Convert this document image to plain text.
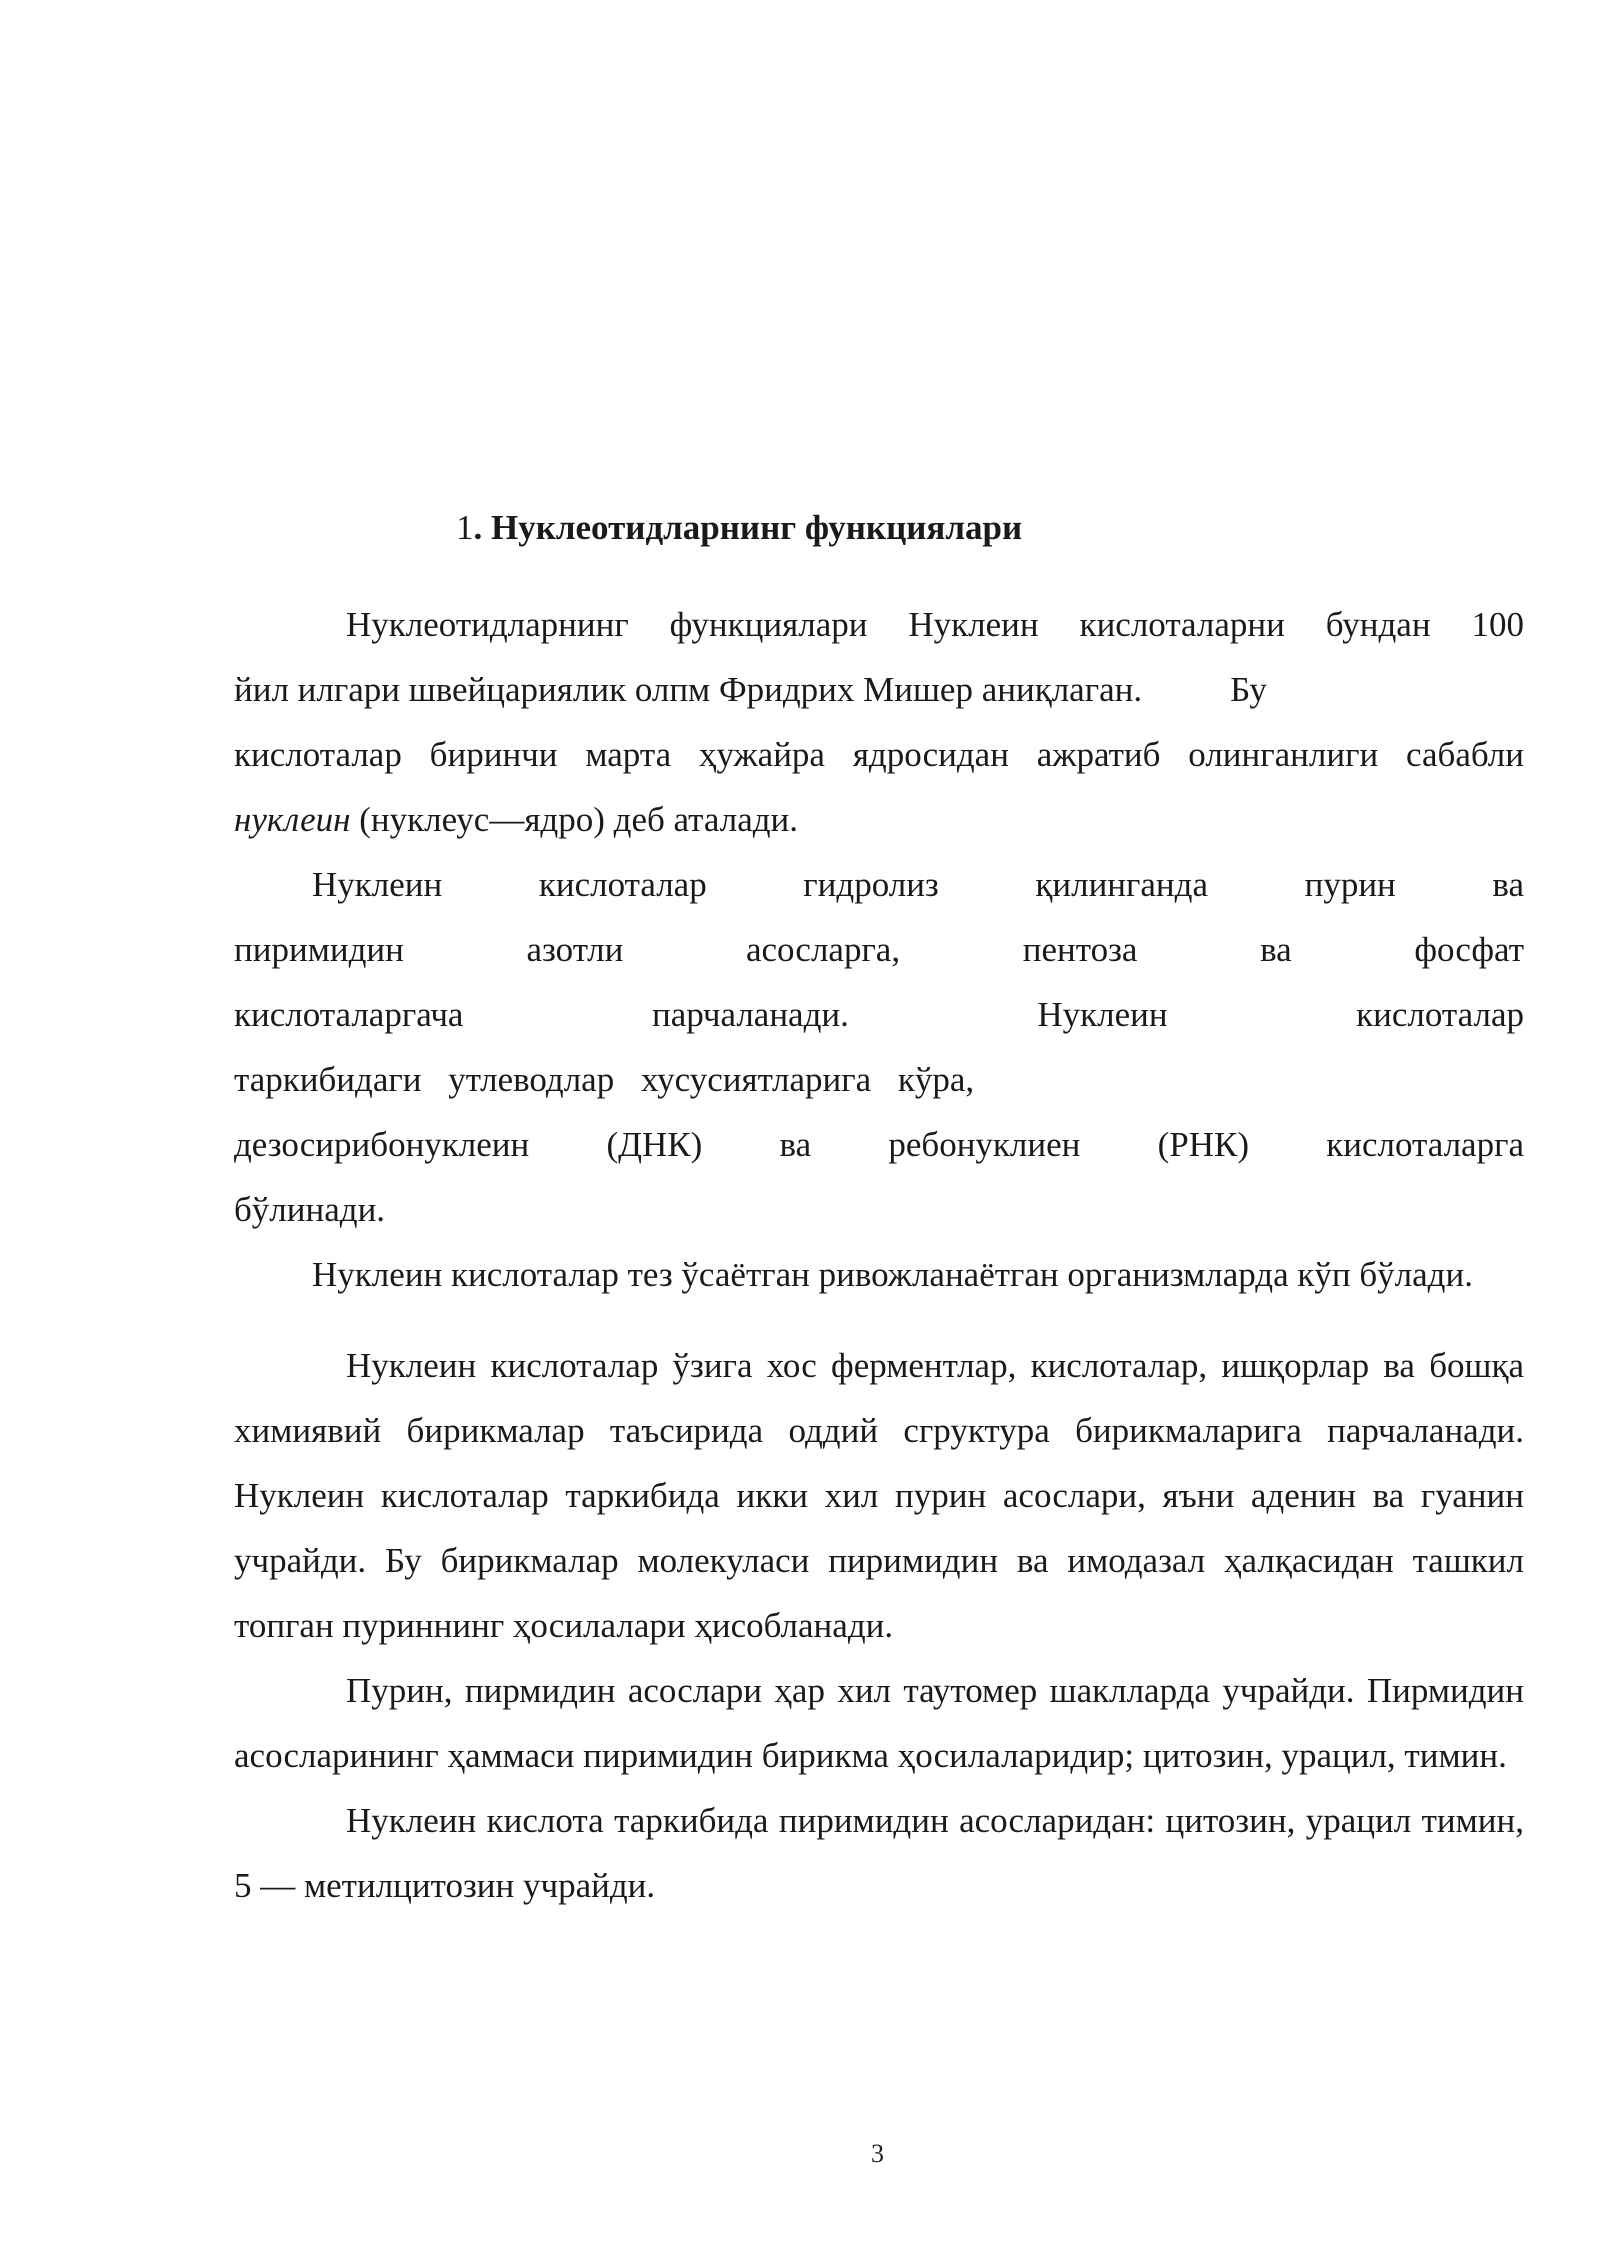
1. Нуклеотидларнинг функциялари
Нуклеотидларнинг функциялари Нуклеин кислоталарни бундан 100
йил илгари швейцариялик олпм Фридрих Мишер аниқлаган.	Бу
кислоталар биринчи марта ҳужайра ядросидан ажратиб олинганлиги сабабли
нуклеин (нуклеус—ядро) деб аталади.
Нуклеин кислоталар гидролиз қилинганда пурин ва
пиримидин азотли асосларга, пентоза ва фосфат
кислоталаргача парчаланади. Нуклеин кислоталар
таркибидаги утлеводлар хусусиятларига кўра,
дезосирибонуклеин (ДНК) ва ребонуклиен (РНК) кислоталарга
бўлинади.

Нуклеин кислоталар тез ўсаётган ривожланаётган организмларда кўп бўлади.

Нуклеин кислоталар ўзига хос ферментлар, кислоталар, ишқорлар ва бошқа химиявий бирикмалар таъсирида оддий сгруктура бирикмаларига парчаланади. Нуклеин кислоталар таркибида икки хил пурин асослари, яъни аденин ва гуанин учрайди. Бу бирикмалар молекуласи пиримидин ва имодазал ҳалқасидан ташкил топган пуриннинг ҳосилалари ҳисобланади.

Пурин, пирмидин асослари ҳар хил таутомер шаклларда учрайди. Пирмидин асосларининг ҳаммаси пиримидин бирикма ҳосилаларидир; цитозин, урацил, тимин.

Нуклеин кислота таркибида пиримидин асосларидан: цитозин, урацил тимин, 5 — метилцитозин учрайди.

3
